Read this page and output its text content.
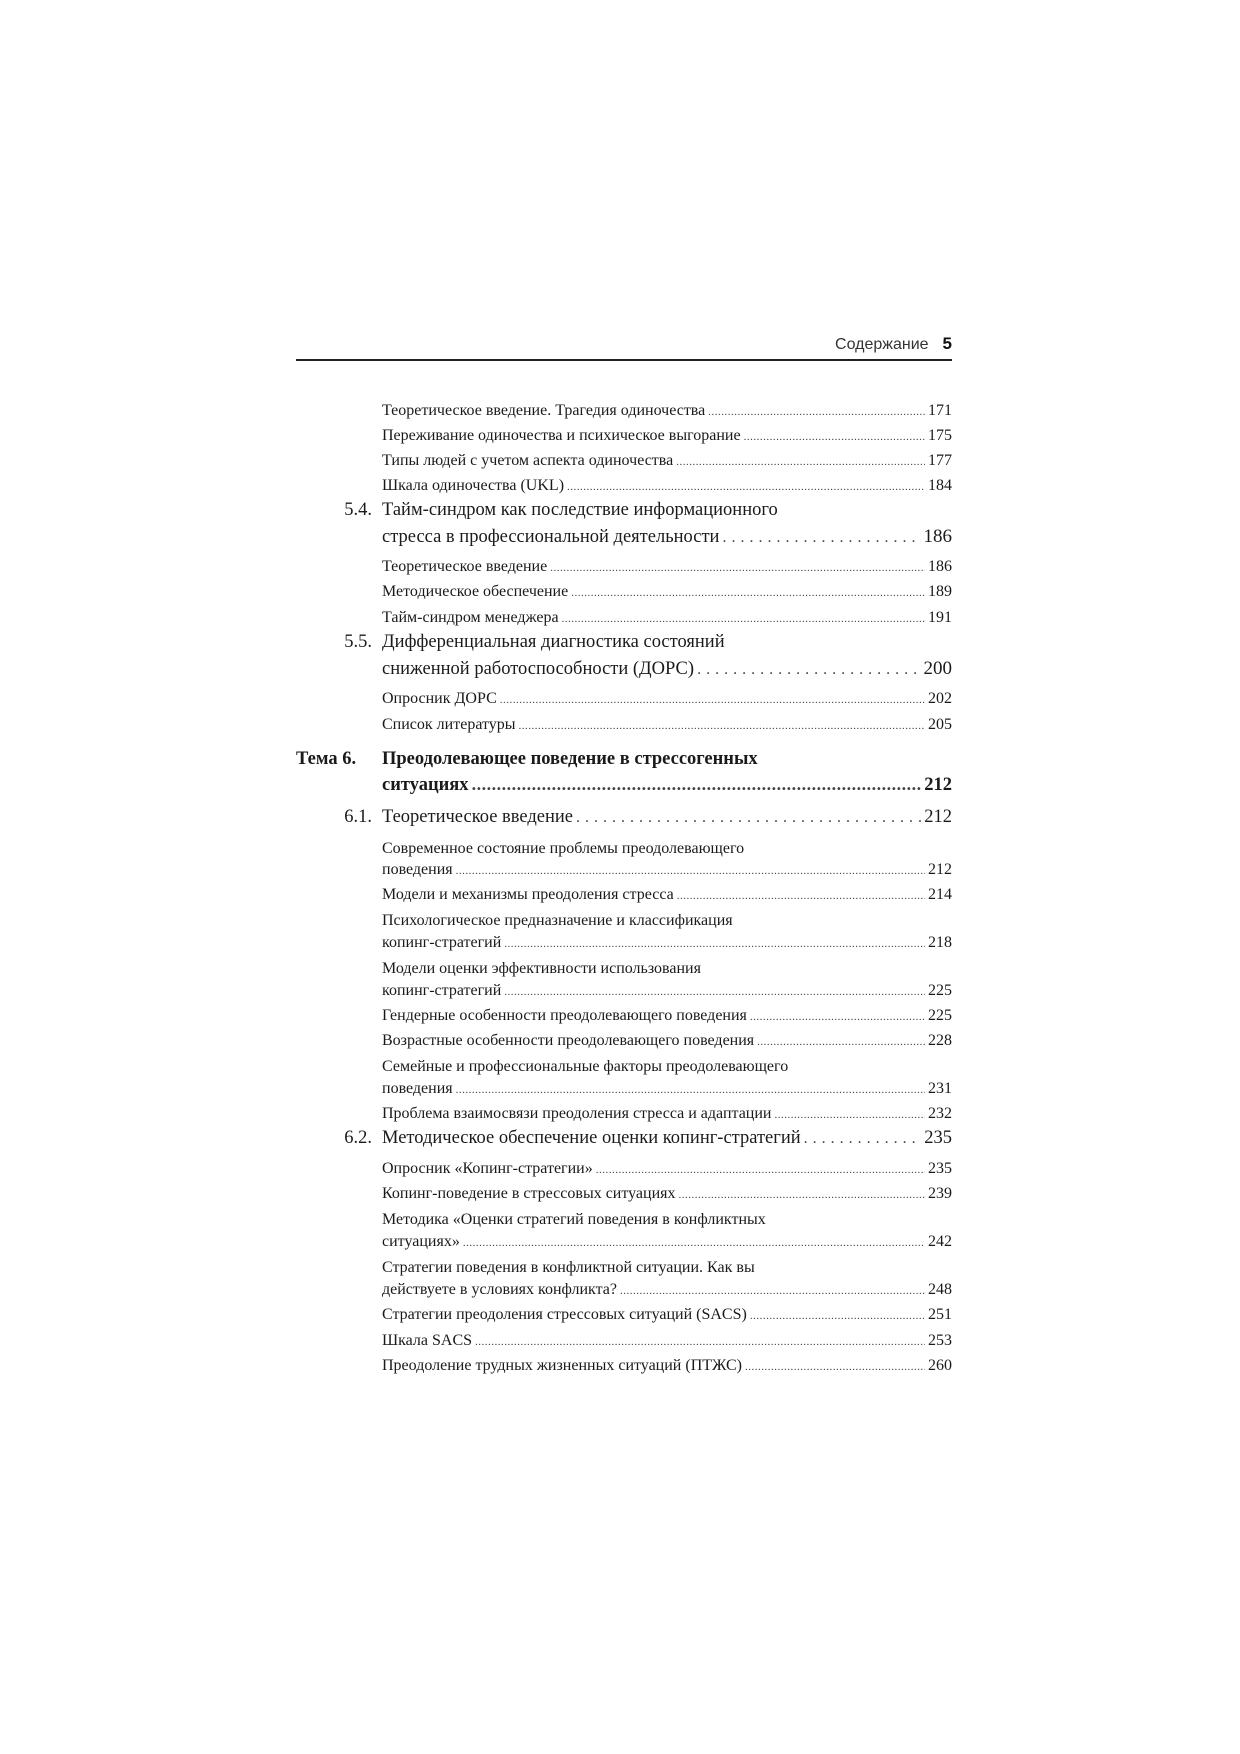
Содержание 5
Теоретическое введение. Трагедия одиночества .....	171
Переживание одиночества и психическое выгорание .....	175
Типы людей с учетом аспекта одиночества .....	177
Шкала одиночества (UKL) .....	184
5.4. Тайм-синдром как последствие информационного
стресса в профессиональной деятельности .....	186
Теоретическое введение .....	186
Методическое обеспечение .....	189
Тайм-синдром менеджера .....	191
5.5. Дифференциальная диагностика состояний
сниженной работоспособности (ДОРС) .....	200
Опросник ДОРС .....	202
Список литературы .....	205
Тема 6.	Преодолевающее поведение в стрессогенных
ситуациях .....	212
6.1. Теоретическое введение .....	212
Современное состояние проблемы преодолевающего
поведения .....	212
Модели и механизмы преодоления стресса .....	214
Психологическое предназначение и классификация
копинг-стратегий .....	218
Модели оценки эффективности использования
копинг-стратегий .....	225
Гендерные особенности преодолевающего поведения .....	225
Возрастные особенности преодолевающего поведения .....	228
Семейные и профессиональные факторы преодолевающего
поведения .....	231
Проблема взаимосвязи преодоления стресса и адаптации .....	232
6.2. Методическое обеспечение оценки копинг-стратегий .....	235
Опросник «Копинг-стратегии» .....	235
Копинг-поведение в стрессовых ситуациях .....	239
Методика «Оценки стратегий поведения в конфликтных
ситуациях» .....	242
Стратегии поведения в конфликтной ситуации. Как вы
действуете в условиях конфликта? .....	248
Стратегии преодоления стрессовых ситуаций (SACS) .....	251
Шкала SACS .....	253
Преодоление трудных жизненных ситуаций (ПТЖС) .....	260
